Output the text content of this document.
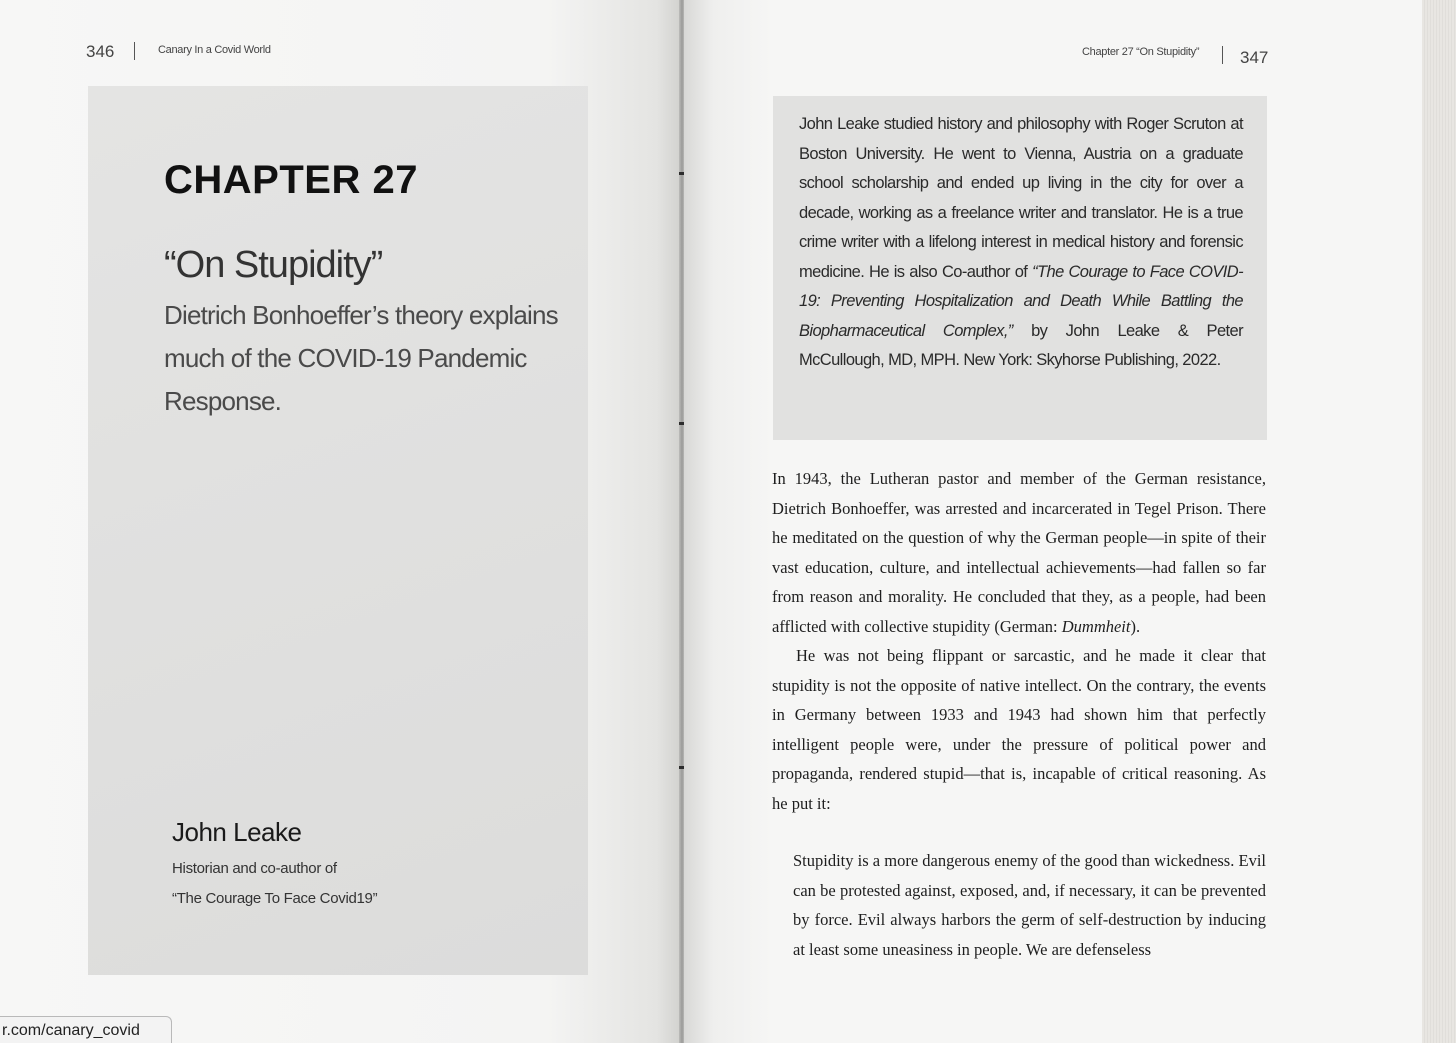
346	Canary In a Covid World
CHAPTER 27
“On Stupidity”
Dietrich Bonhoeffer’s theory explains much of the COVID-19 Pandemic Response.
John Leake
Historian and co-author of
“The Courage To Face Covid19”
Chapter 27 “On Stupidity” 347
John Leake studied history and philosophy with Roger Scruton at Boston University. He went to Vienna, Austria on a graduate school scholarship and ended up living in the city for over a decade, working as a freelance writer and translator. He is a true crime writer with a lifelong interest in medical history and forensic medicine. He is also Co-author of “The Courage to Face COVID-19: Preventing Hospitalization and Death While Battling the Biopharmaceutical Complex,” by John Leake & Peter McCullough, MD, MPH. New York: Skyhorse Publishing, 2022.

In 1943, the Lutheran pastor and member of the German resistance, Dietrich Bonhoeffer, was arrested and incarcerated in Tegel Prison. There he meditated on the question of why the German people—in spite of their vast education, culture, and intellectual achievements—had fallen so far from reason and morality. He concluded that they, as a people, had been afflicted with collective stupidity (German: Dummheit).

He was not being flippant or sarcastic, and he made it clear that stupidity is not the opposite of native intellect. On the contrary, the events in Germany between 1933 and 1943 had shown him that perfectly intelligent people were, under the pressure of political power and propaganda, rendered stupid—that is, incapable of critical reasoning. As he put it:

Stupidity is a more dangerous enemy of the good than wickedness. Evil can be protested against, exposed, and, if necessary, it can be prevented by force. Evil always harbors the germ of self-destruction by inducing at least some uneasiness in people. We are defenseless
r.com/canary_covid
